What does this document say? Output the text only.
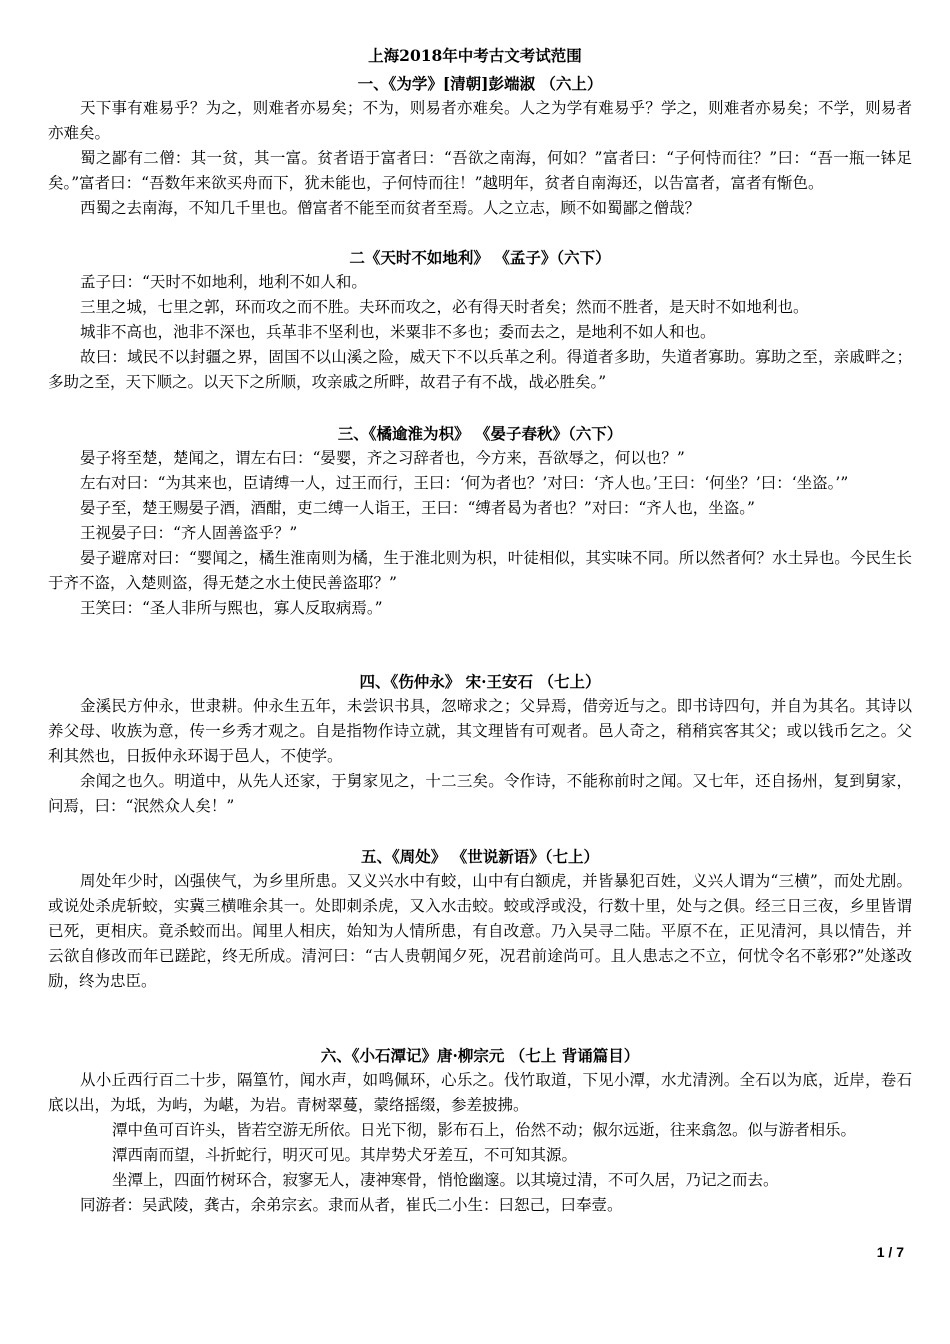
上海2018年中考古文考试范围
一、《为学》[清朝]彭端淑 （六上）

天下事有难易乎？为之，则难者亦易矣；不为，则易者亦难矣。人之为学有难易乎？学之，则难者亦易矣；不学，则易者亦难矣。

蜀之鄙有二僧：其一贫，其一富。贫者语于富者曰：“吾欲之南海，何如？”富者曰：“子何恃而往？”曰：“吾一瓶一钵足矣。”富者曰：“吾数年来欲买舟而下，犹未能也，子何恃而往！”越明年，贫者自南海还，以告富者，富者有惭色。

西蜀之去南海，不知几千里也。僧富者不能至而贫者至焉。人之立志，顾不如蜀鄙之僧哉？

二《天时不如地利》 《孟子》（六下）

孟子曰：“天时不如地利，地利不如人和。

三里之城，七里之郭，环而攻之而不胜。夫环而攻之，必有得天时者矣；然而不胜者，是天时不如地利也。

城非不高也，池非不深也，兵革非不坚利也，米粟非不多也；委而去之，是地利不如人和也。

故曰：域民不以封疆之界，固国不以山溪之险，威天下不以兵革之利。得道者多助，失道者寡助。寡助之至，亲戚畔之；多助之至，天下顺之。以天下之所顺，攻亲戚之所畔，故君子有不战，战必胜矣。”

三、《橘逾淮为枳》 《晏子春秋》（六下）

晏子将至楚，楚闻之，谓左右曰：“晏婴，齐之习辞者也，今方来，吾欲辱之，何以也？”

左右对曰：“为其来也，臣请缚一人，过王而行，王曰：‘何为者也？’对曰：‘齐人也。’王曰：‘何坐？’曰：‘坐盗。’”

晏子至，楚王赐晏子酒，酒酣，吏二缚一人诣王，王曰：“缚者曷为者也？”对曰：“齐人也，坐盗。”

王视晏子曰：“齐人固善盗乎？”

晏子避席对曰：“婴闻之，橘生淮南则为橘，生于淮北则为枳，叶徒相似，其实味不同。所以然者何？水土异也。今民生长于齐不盗，入楚则盗，得无楚之水土使民善盗耶？”

王笑曰：“圣人非所与熙也，寡人反取病焉。”

四、《伤仲永》 宋·王安石 （七上）

金溪民方仲永，世隶耕。仲永生五年，未尝识书具，忽啼求之；父异焉，借旁近与之。即书诗四句，并自为其名。其诗以养父母、收族为意，传一乡秀才观之。自是指物作诗立就，其文理皆有可观者。邑人奇之，稍稍宾客其父；或以钱币乞之。父利其然也，日扳仲永环谒于邑人，不使学。

余闻之也久。明道中，从先人还家，于舅家见之，十二三矣。令作诗，不能称前时之闻。又七年，还自扬州，复到舅家，问焉，曰：“泯然众人矣！”

五、《周处》 《世说新语》（七上）

周处年少时，凶强侠气，为乡里所患。又义兴水中有蛟，山中有白额虎，并皆暴犯百姓，义兴人谓为“三横”，而处尤剧。或说处杀虎斩蛟，实冀三横唯余其一。处即刺杀虎，又入水击蛟。蛟或浮或没，行数十里，处与之俱。经三日三夜，乡里皆谓已死，更相庆。竟杀蛟而出。闻里人相庆，始知为人情所患，有自改意。乃入吴寻二陆。平原不在，正见清河，具以情告，并云欲自修改而年已蹉跎，终无所成。清河曰：“古人贵朝闻夕死，况君前途尚可。且人患志之不立，何忧令名不彰邪?”处遂改励，终为忠臣。

六、《小石潭记》唐·柳宗元 （七上 背诵篇目）

从小丘西行百二十步，隔篁竹，闻水声，如鸣佩环，心乐之。伐竹取道，下见小潭，水尤清洌。全石以为底，近岸，卷石底以出，为坻，为屿，为嵁，为岩。青树翠蔓，蒙络摇缀，参差披拂。

潭中鱼可百许头，皆若空游无所依。日光下彻，影布石上，佁然不动；俶尔远逝，往来翕忽。似与游者相乐。

潭西南而望，斗折蛇行，明灭可见。其岸势犬牙差互，不可知其源。

坐潭上，四面竹树环合，寂寥无人，凄神寒骨，悄怆幽邃。以其境过清，不可久居，乃记之而去。

同游者：吴武陵，龚古，余弟宗玄。隶而从者，崔氏二小生：曰恕己，曰奉壹。

1 / 7
